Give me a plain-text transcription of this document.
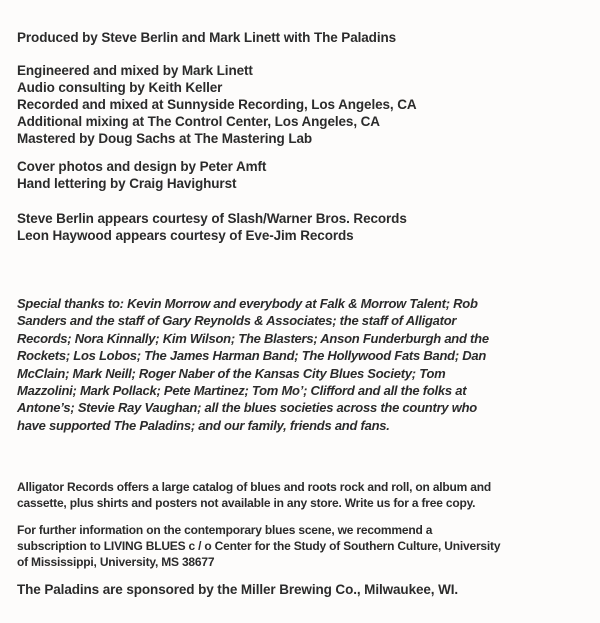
Produced by Steve Berlin and Mark Linett with The Paladins
Engineered and mixed by Mark Linett
Audio consulting by Keith Keller
Recorded and mixed at Sunnyside Recording, Los Angeles, CA
Additional mixing at The Control Center, Los Angeles, CA
Mastered by Doug Sachs at The Mastering Lab
Cover photos and design by Peter Amft
Hand lettering by Craig Havighurst
Steve Berlin appears courtesy of Slash/Warner Bros. Records
Leon Haywood appears courtesy of Eve-Jim Records
Special thanks to: Kevin Morrow and everybody at Falk & Morrow Talent; Rob
Sanders and the staff of Gary Reynolds & Associates; the staff of Alligator
Records; Nora Kinnally; Kim Wilson; The Blasters; Anson Funderburgh and the
Rockets; Los Lobos; The James Harman Band; The Hollywood Fats Band; Dan
McClain; Mark Neill; Roger Naber of the Kansas City Blues Society; Tom
Mazzolini; Mark Pollack; Pete Martinez; Tom Mo’; Clifford and all the folks at
Antone’s; Stevie Ray Vaughan; all the blues societies across the country who
have supported The Paladins; and our family, friends and fans.
Alligator Records offers a large catalog of blues and roots rock and roll, on album and
cassette, plus shirts and posters not available in any store. Write us for a free copy.
For further information on the contemporary blues scene, we recommend a
subscription to LIVING BLUES c / o Center for the Study of Southern Culture, University
of Mississippi, University, MS 38677
The Paladins are sponsored by the Miller Brewing Co., Milwaukee, WI.
